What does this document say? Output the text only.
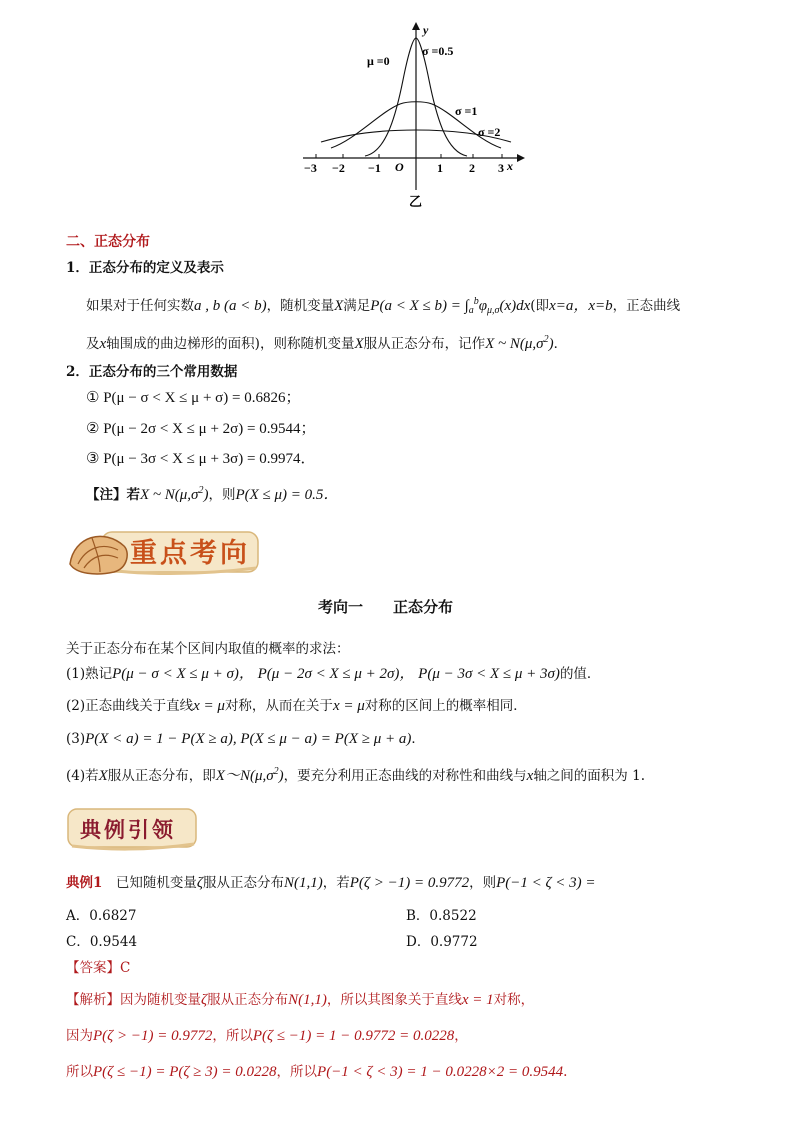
y
x
O
μ =0
σ =0.5
σ =1
σ =2
−3 −2 −1	1 2 3
乙
二、正态分布
1．正态分布的定义及表示
如果对于任何实数a , b (a < b)，随机变量X满足$P(a < X \le b) = \int_a^b\varphi_{\mu,\sigma}(x)dx$(即x=a，x=b，正态曲线
及x轴围成的曲边梯形的面积)，则称随机变量X服从正态分布，记作X ~ $N(\mu,\sigma^2)$．
2．正态分布的三个常用数据
① P(μ − σ < X ≤ μ + σ) = 0.6826；
② P(μ − 2σ < X ≤ μ + 2σ) = 0.9544；
③ P(μ − 3σ < X ≤ μ + 3σ) = 0.9974．
【注】若X ~ $N(\mu,\sigma^2)$，则P(X ≤ μ) = 0.5．
重点考向
考向一　　正态分布
关于正态分布在某个区间内取值的概率的求法：
(1)熟记P(μ − σ < X ≤ μ + σ)， P(μ − 2σ < X ≤ μ + 2σ)， P(μ − 3σ < X ≤ μ + 3σ)的值．
(2)正态曲线关于直线x = μ对称，从而在关于x = μ对称的区间上的概率相同．
(3)P(X < a) = 1 − P(X ≥ a), P(X ≤ μ − a) = P(X ≥ μ + a)．
(4)若X服从正态分布，即$X\sim N(\mu,\sigma^2)$，要充分利用正态曲线的对称性和曲线与x轴之间的面积为 1.
典例引领
典例1  已知随机变量ζ服从正态分布N(1,1)，若P(ζ > −1) = 0.9772，则P(−1 < ζ < 3) =
A．0.6827	B．0.8522
C．0.9544	D．0.9772
【答案】C
【解析】因为随机变量ζ服从正态分布N(1,1)，所以其图象关于直线x = 1对称，
因为P(ζ > −1) = 0.9772，所以P(ζ ≤ −1) = 1 − 0.9772 = 0.0228，
所以P(ζ ≤ −1) = P(ζ ≥ 3) = 0.0228，所以P(−1 < ζ < 3) = 1 − 0.0228×2 = 0.9544.
